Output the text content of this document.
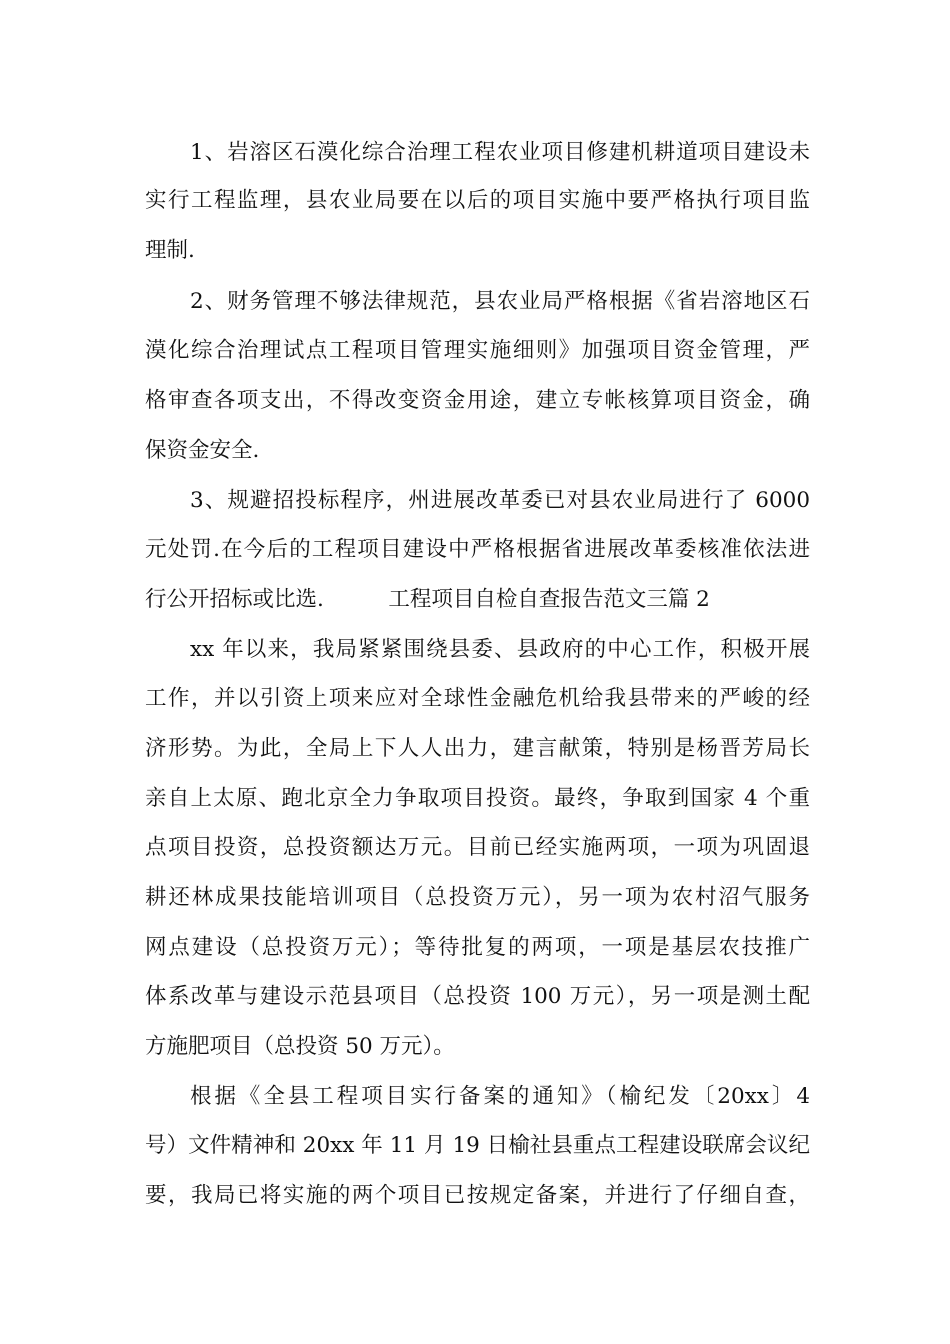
1、岩溶区石漠化综合治理工程农业项目修建机耕道项目建设未
实行工程监理，县农业局要在以后的项目实施中要严格执行项目监
理制.
2、财务管理不够法律规范，县农业局严格根据《省岩溶地区石
漠化综合治理试点工程项目管理实施细则》加强项目资金管理，严
格审查各项支出，不得改变资金用途，建立专帐核算项目资金，确
保资金安全.
3、规避招投标程序，州进展改革委已对县农业局进行了 6000
元处罚.在今后的工程项目建设中严格根据省进展改革委核准依法进
行公开招标或比选.　　　工程项目自检自查报告范文三篇 2
xx 年以来，我局紧紧围绕县委、县政府的中心工作，积极开展
工作，并以引资上项来应对全球性金融危机给我县带来的严峻的经
济形势。为此，全局上下人人出力，建言献策，特别是杨晋芳局长
亲自上太原、跑北京全力争取项目投资。最终，争取到国家 4 个重
点项目投资，总投资额达万元。目前已经实施两项，一项为巩固退
耕还林成果技能培训项目（总投资万元），另一项为农村沼气服务
网点建设（总投资万元）；等待批复的两项，一项是基层农技推广
体系改革与建设示范县项目（总投资 100 万元），另一项是测土配
方施肥项目（总投资 50 万元）。
根据《全县工程项目实行备案的通知》（榆纪发〔20xx〕4
号）文件精神和 20xx 年 11 月 19 日榆社县重点工程建设联席会议纪
要，我局已将实施的两个项目已按规定备案，并进行了仔细自查，
